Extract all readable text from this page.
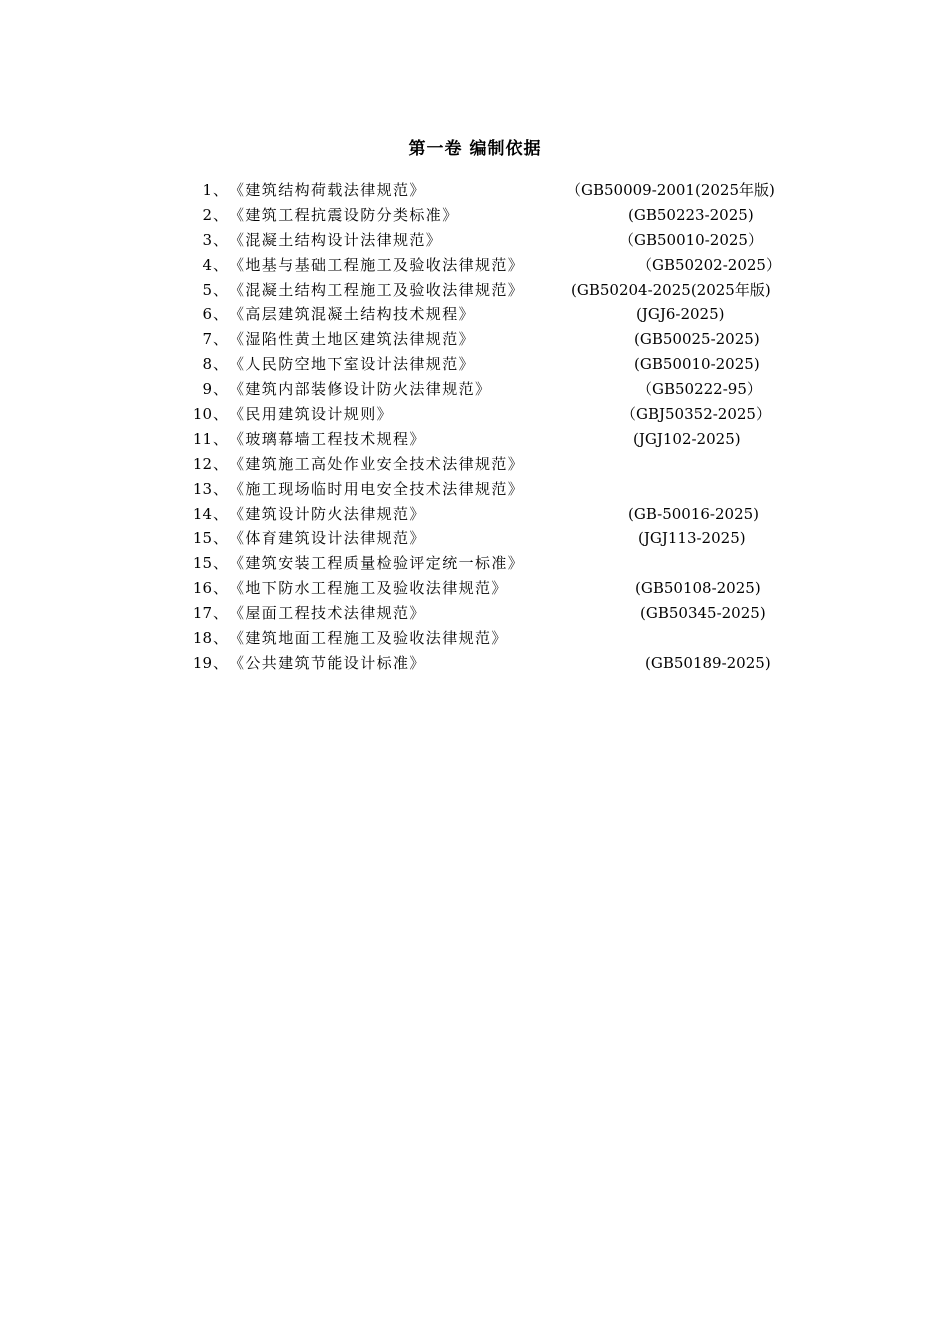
第一卷 编制依据
1 、 《建筑结构荷载法律规范》	（GB50009-2001(2025年版)
2 、 《建筑工程抗震设防分类标准》	(GB50223-2025)
3 、 《混凝土结构设计法律规范》	（GB50010-2025）
4 、 《地基与基础工程施工及验收法律规范》	（GB50202-2025）
5 、 《混凝土结构工程施工及验收法律规范》	(GB50204-2025(2025年版)
6 、 《高层建筑混凝土结构技术规程》	(JGJ6-2025)
7 、 《湿陷性黄土地区建筑法律规范》	(GB50025-2025)
8 、 《人民防空地下室设计法律规范》	(GB50010-2025)
9 、 《建筑内部装修设计防火法律规范》	（GB50222-95）
10 、 《民用建筑设计规则》	（GBJ50352-2025）
11 、 《玻璃幕墙工程技术规程》	(JGJ102-2025)
12 、 《建筑施工高处作业安全技术法律规范》
13 、 《施工现场临时用电安全技术法律规范》
14 、 《建筑设计防火法律规范》	(GB-50016-2025)
15 、 《体育建筑设计法律规范》	(JGJ113-2025)
15 、 《建筑安装工程质量检验评定统一标准》
16 、 《地下防水工程施工及验收法律规范》	(GB50108-2025)
17 、 《屋面工程技术法律规范》	(GB50345-2025)
18 、 《建筑地面工程施工及验收法律规范》
19 、 《公共建筑节能设计标准》	(GB50189-2025)
